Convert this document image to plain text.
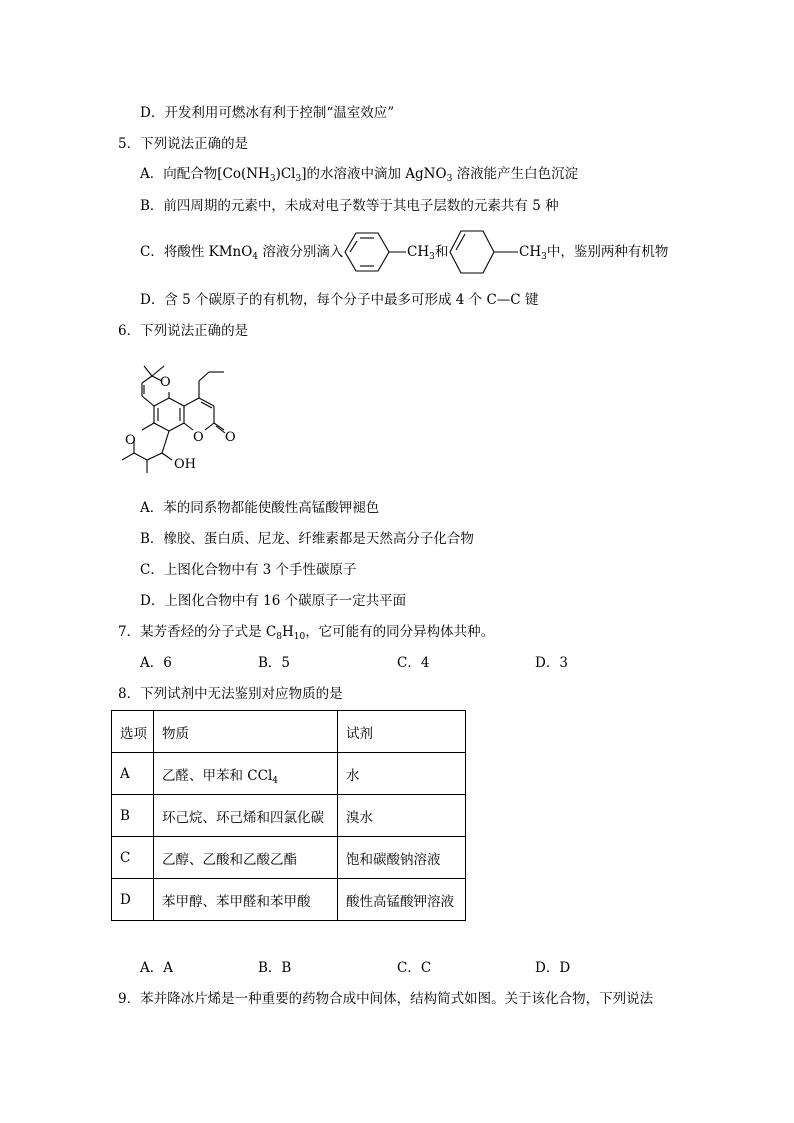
D．开发利用可燃冰有利于控制“温室效应”
5．下列说法正确的是
A．向配合物$[Co(NH_3)Cl_3]$的水溶液中滴加 AgNO$_3$ 溶液能产生白色沉淀
B．前四周期的元素中，未成对电子数等于其电子层数的元素共有 5 种
C．将酸性 KMnO$_4$ 溶液分别滴入	$CH_3$和	$CH_3$中，鉴别两种有机物
D．含 5 个碳原子的有机物，每个分子中最多可形成 4 个 C—C 键
6．下列说法正确的是
O
O	O O
OH
A．苯的同系物都能使酸性高锰酸钾褪色
B．橡胶、蛋白质、尼龙、纤维素都是天然高分子化合物
C．上图化合物中有 3 个手性碳原子
D．上图化合物中有 16 个碳原子一定共平面
7．某芳香烃的分子式是 $C_8H_{10}$，它可能有的同分异构体共种。
A．6	B．5	C．4	D．3
8．下列试剂中无法鉴别对应物质的是
选项	物质	试剂
A	乙醛、甲苯和 CCl$_4$	水
B	环己烷、环己烯和四氯化碳	溴水
C	乙醇、乙酸和乙酸乙酯	饱和碳酸钠溶液
D	苯甲醇、苯甲醛和苯甲酸	酸性高锰酸钾溶液
A．A	B．B	C．C	D．D
9．苯并降冰片烯是一种重要的药物合成中间体，结构简式如图。关于该化合物，下列说法
